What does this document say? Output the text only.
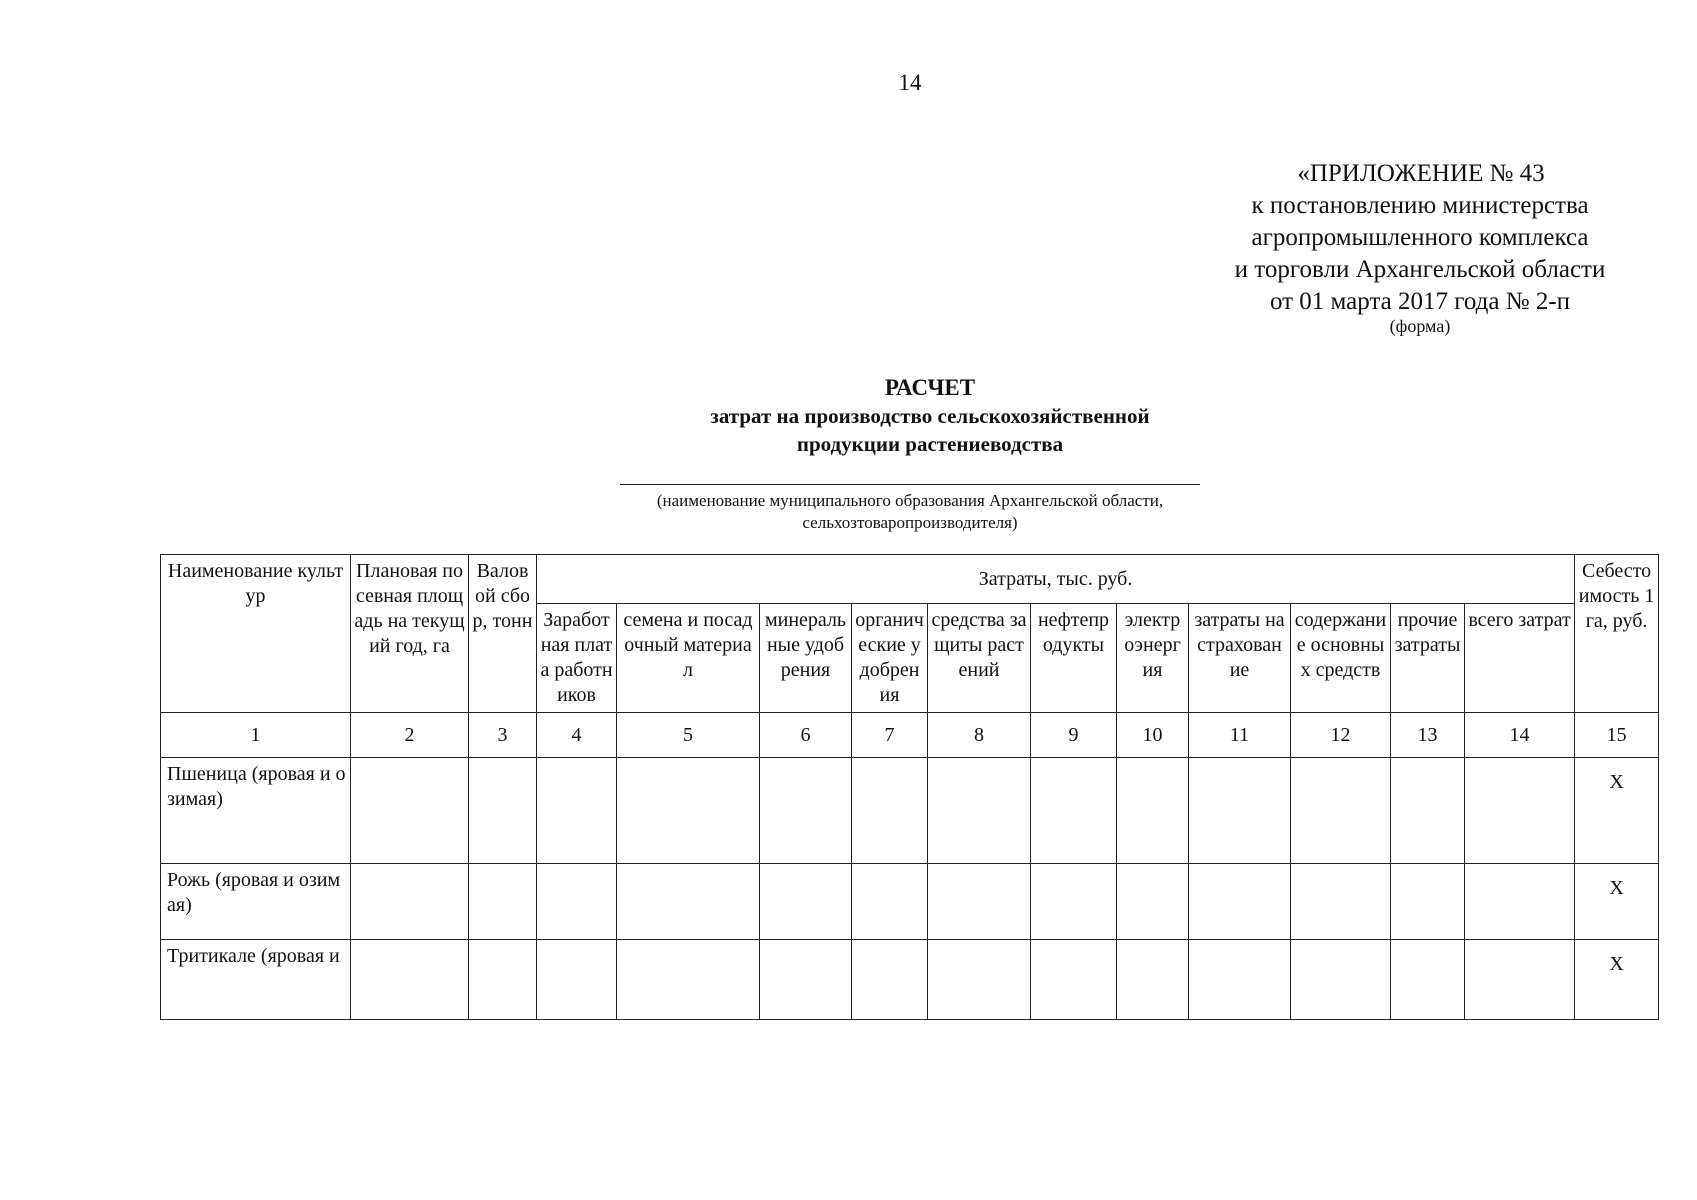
14
«ПРИЛОЖЕНИЕ № 43
к постановлению министерства
агропромышленного комплекса
и торговли Архангельской области
от 01 марта 2017 года № 2-п
(форма)
РАСЧЕТ
затрат на производство сельскохозяйственной
продукции растениеводства
(наименование муниципального образования Архангельской области,
сельхозтоваропроизводителя)
Наименование культур	Плановая посевная площадь на текущий год, га	Валовой сбор, тонн	Затраты, тыс. руб.											Себестоимость 1 га, руб.
			Заработная плата работников	семена и посадочный материал	минеральные удобрения	органические удобрения	средства защиты растений	нефтепродукты	электроэнергия	затраты на страхование	содержание основных средств	прочие затраты	всего затрат	
1	2	3	4	5	6	7	8	9	10	11	12	13	14	15
Пшеница (яровая и озимая)														Х
Рожь (яровая и озимая)														Х
Тритикале (яровая и														Х
